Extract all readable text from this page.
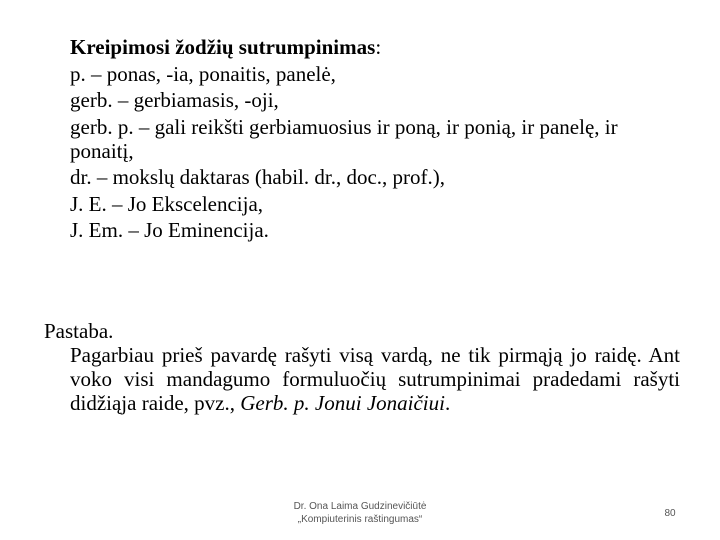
Kreipimosi žodžių sutrumpinimas:
p. – ponas, -ia, ponaitis, panelė,
gerb. – gerbiamasis, -oji,
gerb. p. – gali reikšti gerbiamuosius ir poną, ir ponią, ir panelę, ir ponaitį,
dr. – mokslų daktaras (habil. dr., doc., prof.),
J. E. – Jo Ekscelencija,
J. Em. – Jo Eminencija.
Pastaba.
Pagarbiau prieš pavardę rašyti visą vardą, ne tik pirmąją jo raidę. Ant voko visi mandagumo formuluočių sutrumpinimai pradedami rašyti didžiąja raide, pvz., Gerb. p. Jonui Jonaičiui.
Dr. Ona Laima Gudzinevičiūtė
„Kompiuterinis raštingumas“
80
